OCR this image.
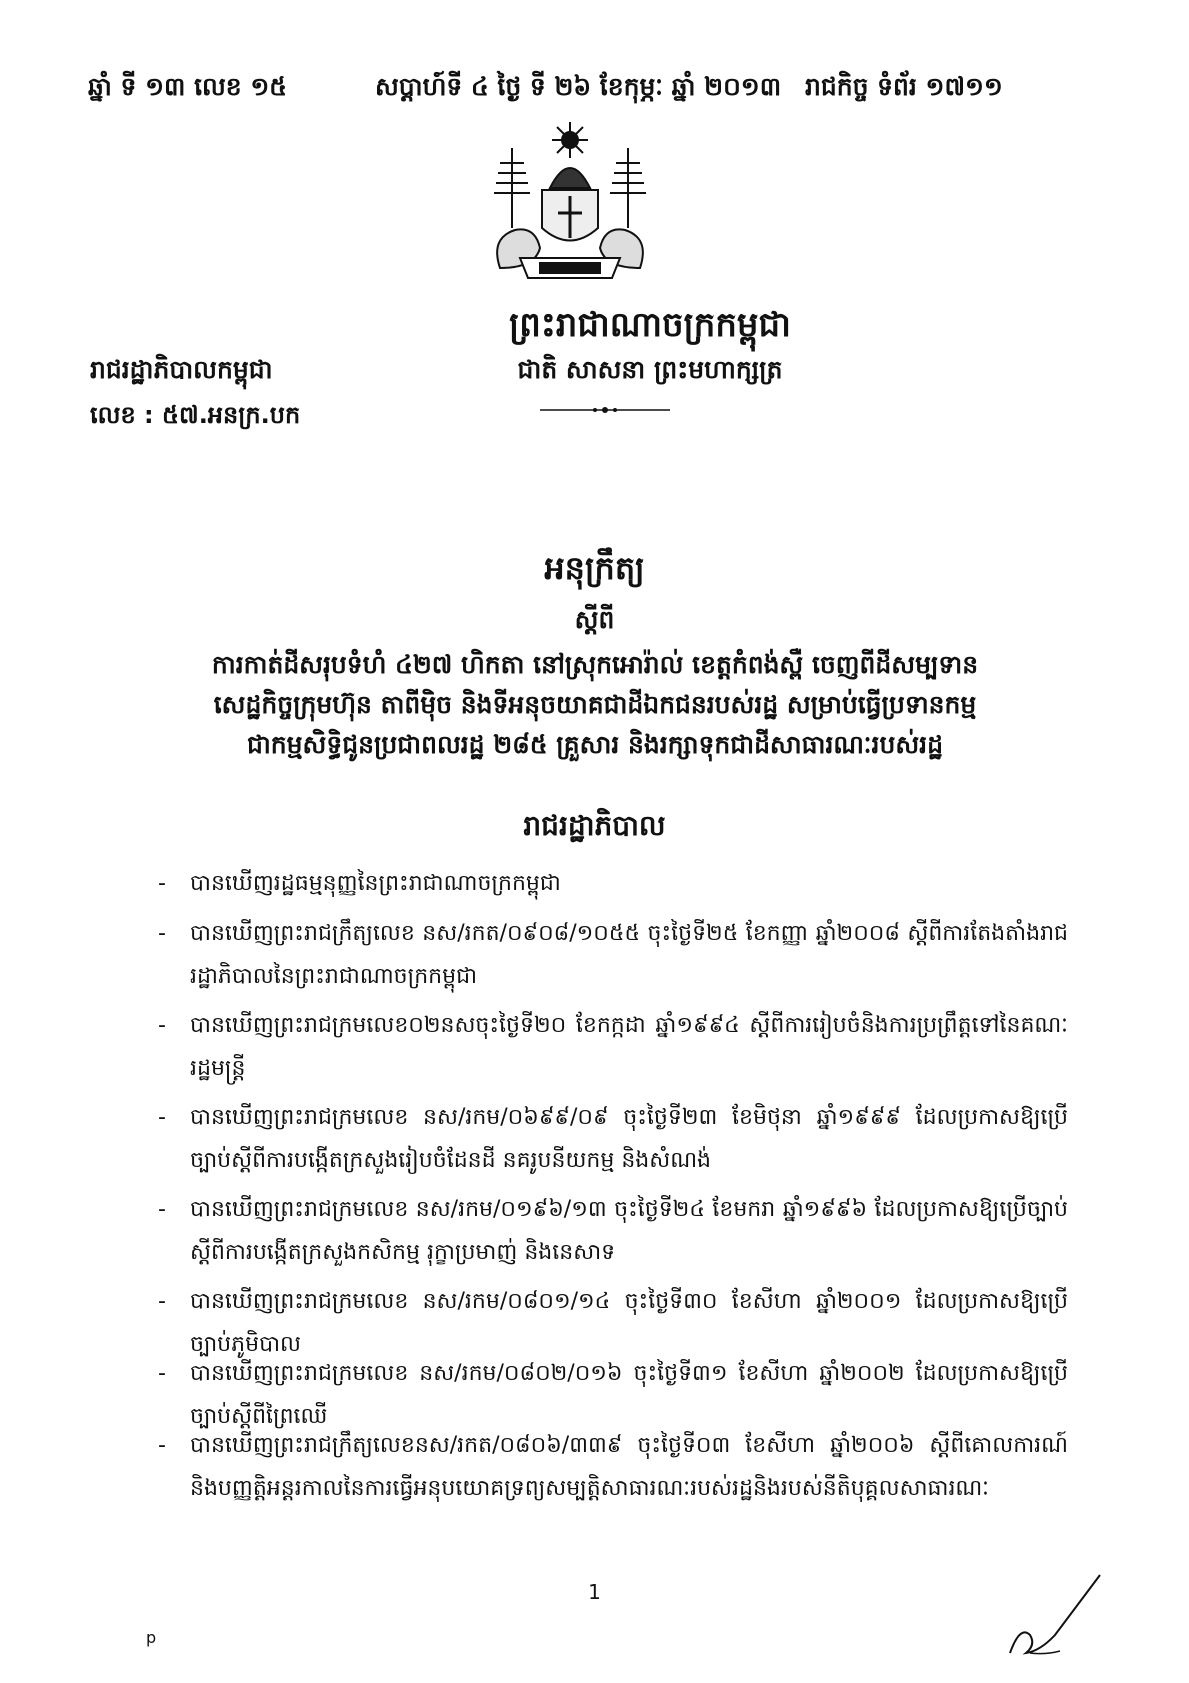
ឆ្នាំ ទី ១៣ លេខ ១៥	សប្តាហ៍ទី ៤ ថ្ងៃ ទី ២៦ ខែកុម្ភៈ ឆ្នាំ ២០១៣ រាជកិច្ច ទំព័រ ១៧១១
ព្រះរាជាណាចក្រកម្ពុជា
ជាតិ សាសនា ព្រះមហាក្សត្រ
រាជរដ្ឋាភិបាលកម្ពុជា
លេខ : ៥៧.អនក្រ.បក
អនុក្រឹត្យ
ស្តីពី
ការកាត់ដីសរុបទំហំ ៤២៧ ហិកតា នៅស្រុកអោរ៉ាល់ ខេត្តកំពង់ស្ពឺ ចេញពីដីសម្បទាន
សេដ្ឋកិច្ចក្រុមហ៊ុន តាពីម៉ិច និងទីអនុចយាគជាដីឯកជនរបស់រដ្ឋ សម្រាប់ធ្វើប្រទានកម្ម
ជាកម្មសិទ្ធិជូនប្រជាពលរដ្ឋ ២៨៥ គ្រួសារ និងរក្សាទុកជាដីសាធារណៈរបស់រដ្ឋ
រាជរដ្ឋាភិបាល
- បានឃើញរដ្ឋធម្មនុញ្ញនៃព្រះរាជាណាចក្រកម្ពុជា
- បានឃើញព្រះរាជក្រឹត្យលេខ នស/រកត/០៩០៨/១០៥៥ ចុះថ្ងៃទី២៥ ខែកញ្ញា ឆ្នាំ២០០៨ ស្តីពីការតែងតាំងរាជរដ្ឋាភិបាលនៃព្រះរាជាណាចក្រកម្ពុជា
- បានឃើញព្រះរាជក្រមលេខ០២នសចុះថ្ងៃទី២០ ខែកក្កដា ឆ្នាំ១៩៩៤ ស្តីពីការរៀបចំនិងការប្រព្រឹត្តទៅនៃគណៈរដ្ឋមន្ត្រី
- បានឃើញព្រះរាជក្រមលេខ នស/រកម/០៦៩៩/០៩ ចុះថ្ងៃទី២៣ ខែមិថុនា ឆ្នាំ១៩៩៩ ដែលប្រកាសឱ្យប្រើច្បាប់ស្តីពីការបង្កើតក្រសួងរៀបចំដែនដី នគរូបនីយកម្ម និងសំណង់
- បានឃើញព្រះរាជក្រមលេខ នស/រកម/០១៩៦/១៣ ចុះថ្ងៃទី២៤ ខែមករា ឆ្នាំ១៩៩៦ ដែលប្រកាសឱ្យប្រើច្បាប់ ស្តីពីការបង្កើតក្រសួងកសិកម្ម រុក្ខាប្រមាញ់ និងនេសាទ
- បានឃើញព្រះរាជក្រមលេខ នស/រកម/០៨០១/១៤ ចុះថ្ងៃទី៣០ ខែសីហា ឆ្នាំ២០០១ ដែលប្រកាសឱ្យប្រើច្បាប់ភូមិបាល
- បានឃើញព្រះរាជក្រមលេខ នស/រកម/០៨០២/០១៦ ចុះថ្ងៃទី៣១ ខែសីហា ឆ្នាំ២០០២ ដែលប្រកាសឱ្យប្រើច្បាប់ស្តីពីព្រៃឈើ
- បានឃើញព្រះរាជក្រឹត្យលេខនស/រកត/០៨០៦/៣៣៩ ចុះថ្ងៃទី០៣ ខែសីហា ឆ្នាំ២០០៦ ស្តីពីគោលការណ៍ និងបញ្ញត្តិអន្តរកាលនៃការធ្វើអនុបយោគទ្រព្យសម្បត្តិសាធារណៈរបស់រដ្ឋនិងរបស់នីតិបុគ្គលសាធារណៈ
1
p
